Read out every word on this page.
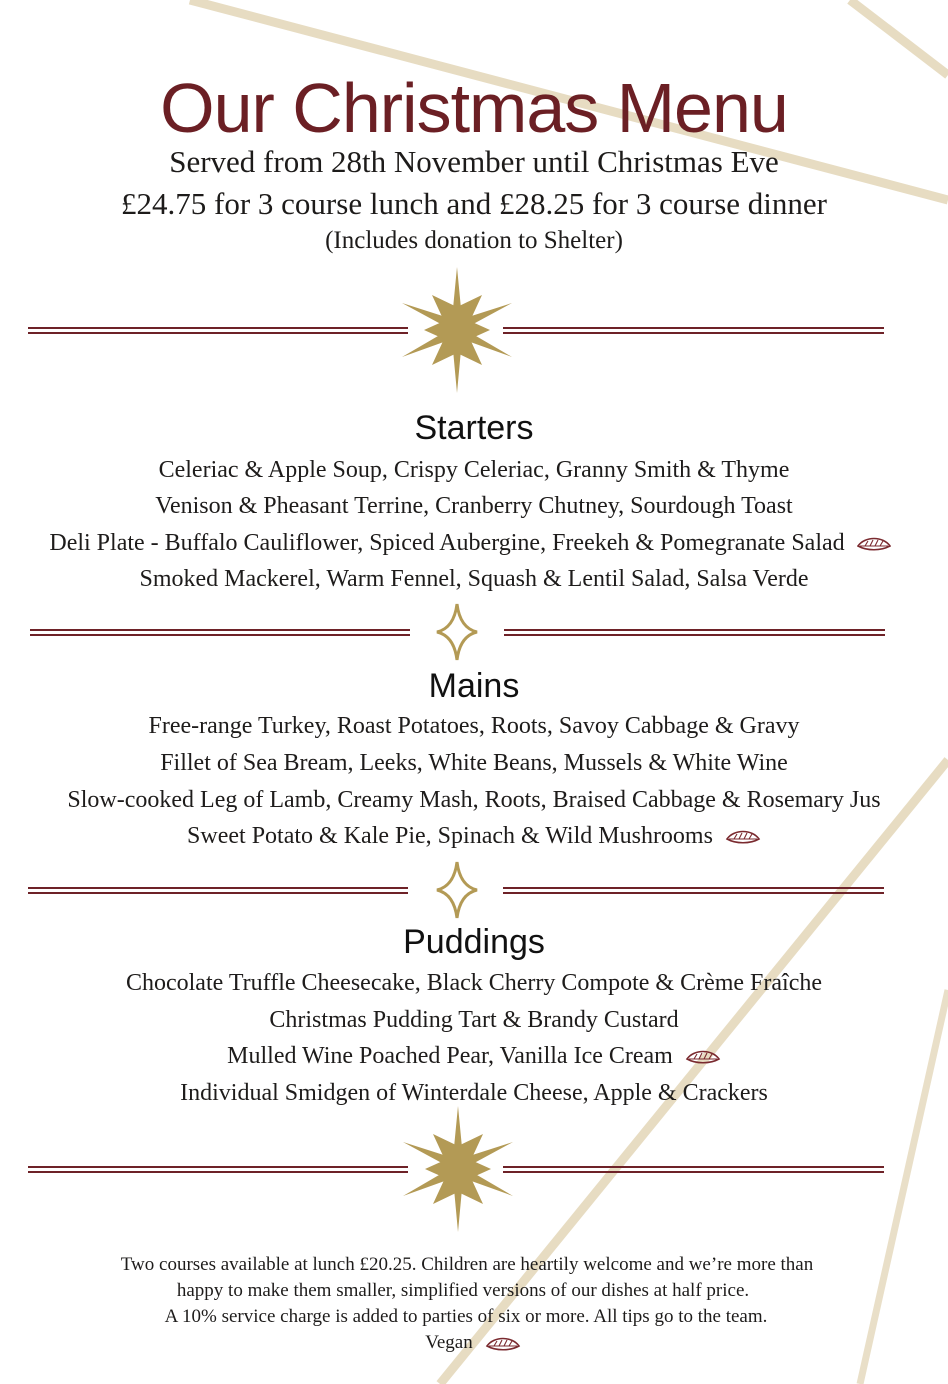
Our Christmas Menu
Served from 28th November until Christmas Eve
£24.75 for 3 course lunch and £28.25 for 3 course dinner
(Includes donation to Shelter)
Starters
Celeriac & Apple Soup, Crispy Celeriac, Granny Smith & Thyme
Venison & Pheasant Terrine, Cranberry Chutney, Sourdough Toast
Deli Plate - Buffalo Cauliflower, Spiced Aubergine, Freekeh & Pomegranate Salad
Smoked Mackerel, Warm Fennel, Squash & Lentil Salad, Salsa Verde
Mains
Free-range Turkey, Roast Potatoes, Roots, Savoy Cabbage & Gravy
Fillet of Sea Bream, Leeks, White Beans, Mussels & White Wine
Slow-cooked Leg of Lamb, Creamy Mash, Roots, Braised Cabbage & Rosemary Jus
Sweet Potato & Kale Pie, Spinach & Wild Mushrooms
Puddings
Chocolate Truffle Cheesecake, Black Cherry Compote & Crème Fraîche
Christmas Pudding Tart & Brandy Custard
Mulled Wine Poached Pear, Vanilla Ice Cream
Individual Smidgen of Winterdale Cheese, Apple & Crackers
Two courses available at lunch £20.25. Children are heartily welcome and we’re more than
happy to make them smaller, simplified versions of our dishes at half price.
A 10% service charge is added to parties of six or more. All tips go to the team.
Vegan
